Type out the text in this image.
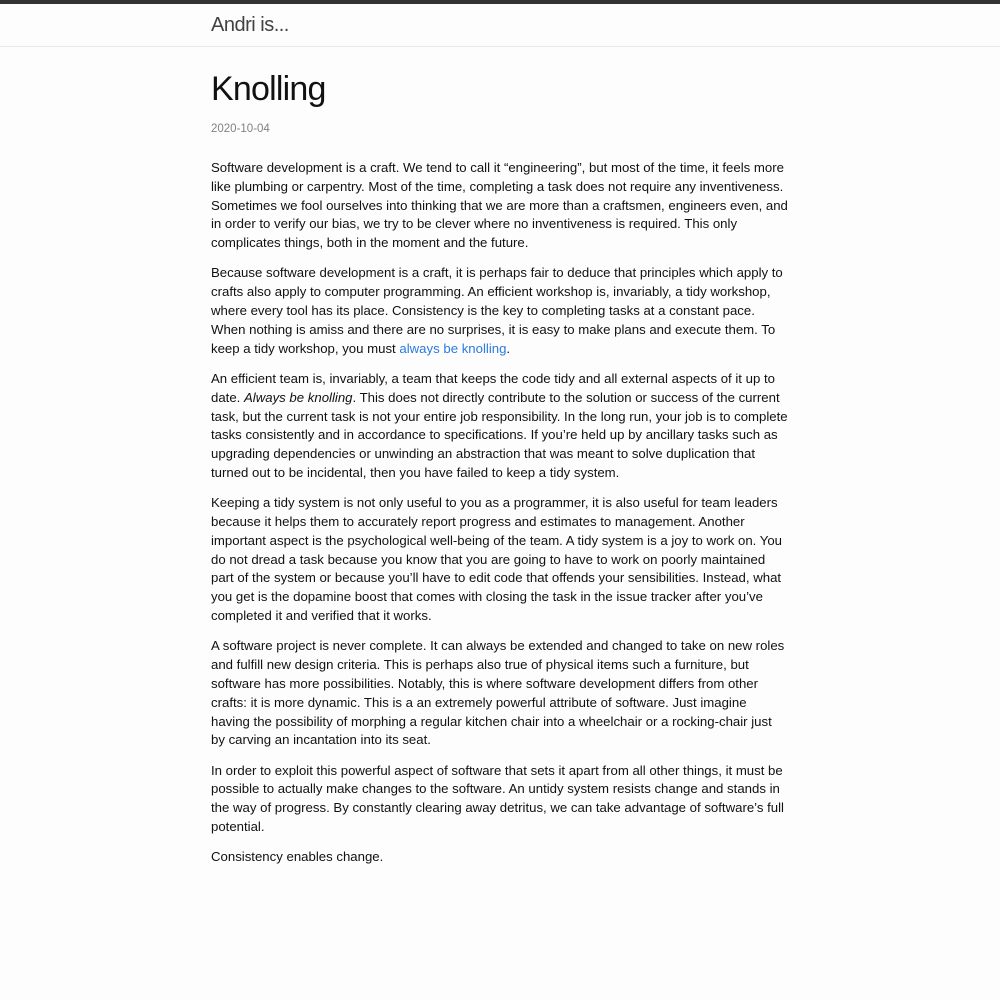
Andri is...
Knolling
2020-10-04

Software development is a craft. We tend to call it “engineering”, but most of the time, it feels more like plumbing or carpentry. Most of the time, completing a task does not require any inventiveness. Sometimes we fool ourselves into thinking that we are more than a craftsmen, engineers even, and in order to verify our bias, we try to be clever where no inventiveness is required. This only complicates things, both in the moment and the future.

Because software development is a craft, it is perhaps fair to deduce that principles which apply to crafts also apply to computer programming. An efficient workshop is, invariably, a tidy workshop, where every tool has its place. Consistency is the key to completing tasks at a constant pace. When nothing is amiss and there are no surprises, it is easy to make plans and execute them. To keep a tidy workshop, you must always be knolling.

An efficient team is, invariably, a team that keeps the code tidy and all external aspects of it up to date. Always be knolling. This does not directly contribute to the solution or success of the current task, but the current task is not your entire job responsibility. In the long run, your job is to complete tasks consistently and in accordance to specifications. If you’re held up by ancillary tasks such as upgrading dependencies or unwinding an abstraction that was meant to solve duplication that turned out to be incidental, then you have failed to keep a tidy system.

Keeping a tidy system is not only useful to you as a programmer, it is also useful for team leaders because it helps them to accurately report progress and estimates to management. Another important aspect is the psychological well-being of the team. A tidy system is a joy to work on. You do not dread a task because you know that you are going to have to work on poorly maintained part of the system or because you’ll have to edit code that offends your sensibilities. Instead, what you get is the dopamine boost that comes with closing the task in the issue tracker after you’ve completed it and verified that it works.

A software project is never complete. It can always be extended and changed to take on new roles and fulfill new design criteria. This is perhaps also true of physical items such a furniture, but software has more possibilities. Notably, this is where software development differs from other crafts: it is more dynamic. This is a an extremely powerful attribute of software. Just imagine having the possibility of morphing a regular kitchen chair into a wheelchair or a rocking-chair just by carving an incantation into its seat.

In order to exploit this powerful aspect of software that sets it apart from all other things, it must be possible to actually make changes to the software. An untidy system resists change and stands in the way of progress. By constantly clearing away detritus, we can take advantage of software’s full potential.

Consistency enables change.
